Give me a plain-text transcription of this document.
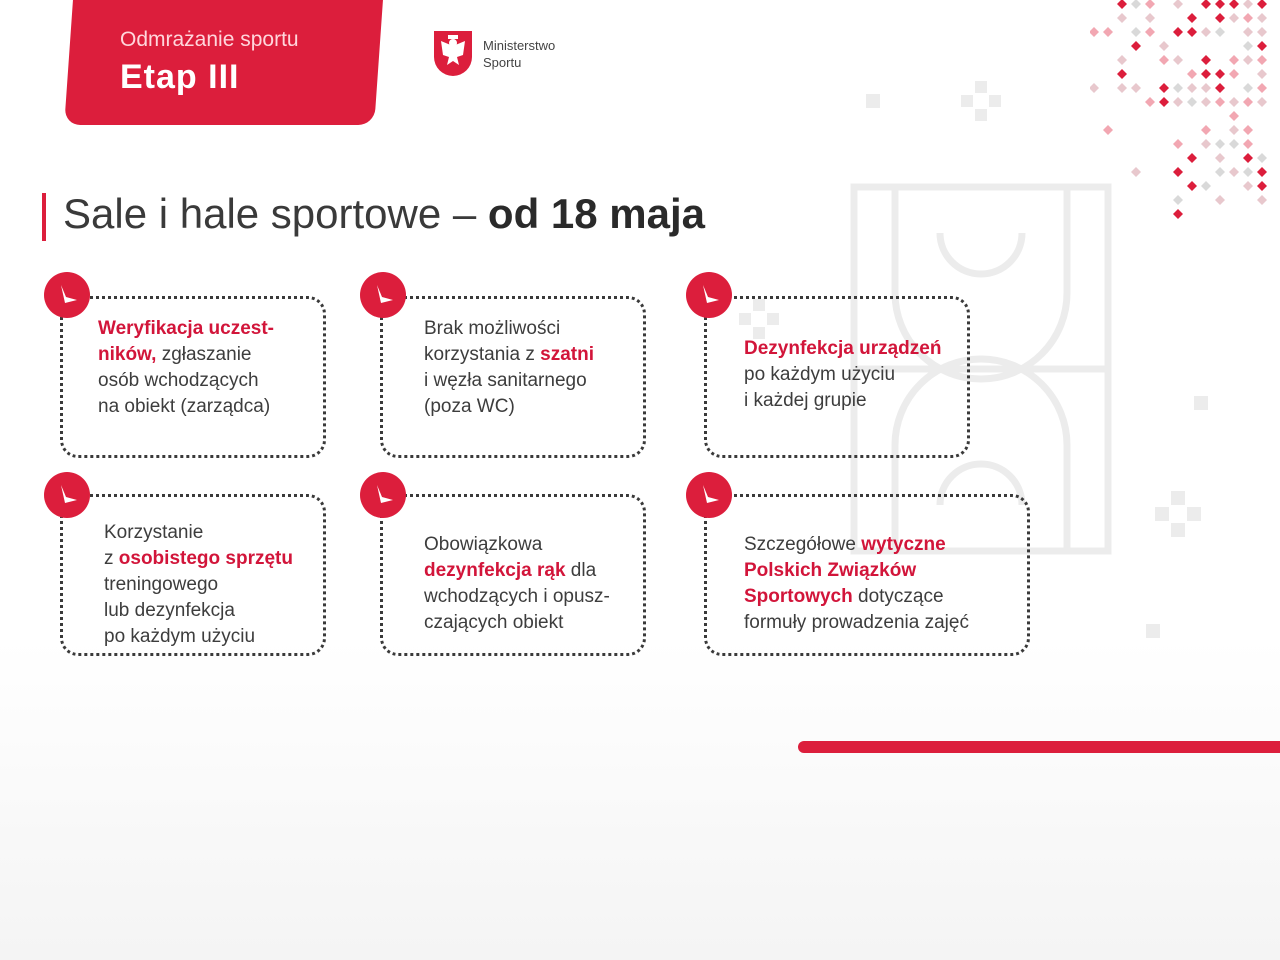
Odmrażanie sportu
Etap III
Ministerstwo
Sportu
Sale i hale sportowe – od 18 maja
Weryfikacja uczest-
ników, zgłaszanie
osób wchodzących
na obiekt (zarządca)
Brak możliwości
korzystania z szatni
i węzła sanitarnego
(poza WC)
Dezynfekcja urządzeń
po każdym użyciu
i każdej grupie
Korzystanie
z osobistego sprzętu
treningowego
lub dezynfekcja
po każdym użyciu
Obowiązkowa
dezynfekcja rąk dla
wchodzących i opusz-
czających obiekt
Szczegółowe wytyczne
Polskich Związków
Sportowych dotyczące
formuły prowadzenia zajęć
